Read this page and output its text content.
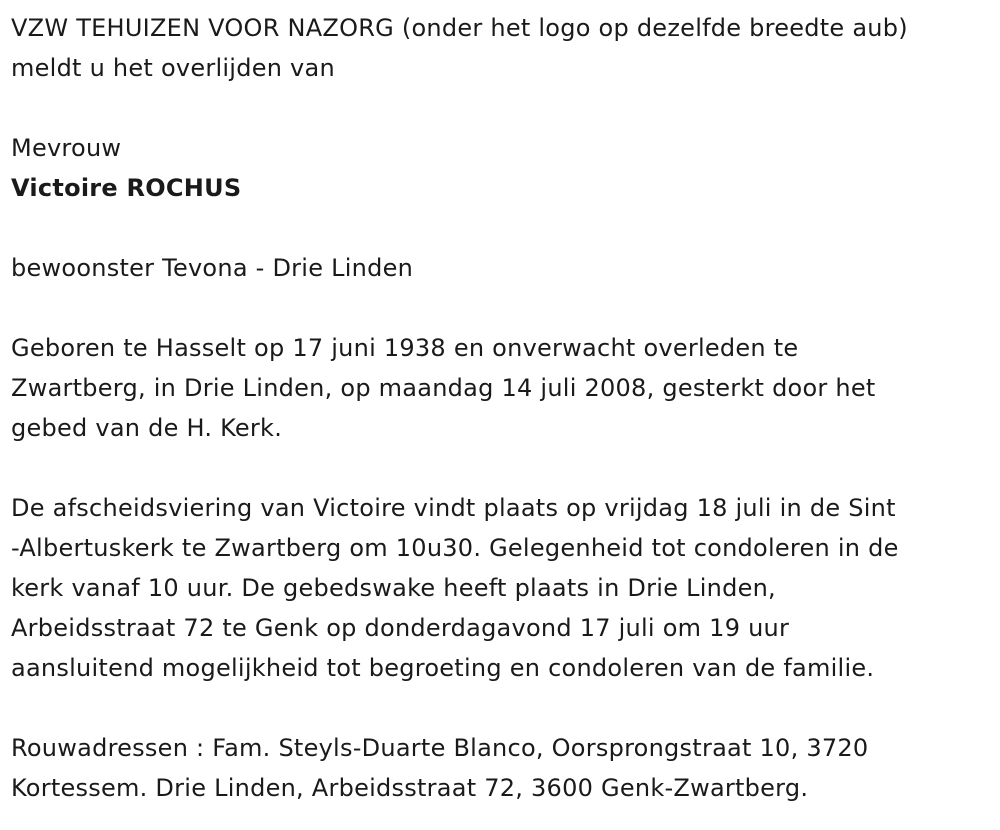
VZW TEHUIZEN VOOR NAZORG (onder het logo op dezelfde breedte aub)
meldt u het overlijden van
Mevrouw
Victoire ROCHUS
bewoonster Tevona - Drie Linden
Geboren te Hasselt op 17 juni 1938 en onverwacht overleden te
Zwartberg, in Drie Linden, op maandag 14 juli 2008, gesterkt door het
gebed van de H. Kerk.
De afscheidsviering van Victoire vindt plaats op vrijdag 18 juli in de Sint
-Albertuskerk te Zwartberg om 10u30. Gelegenheid tot condoleren in de
kerk vanaf 10 uur. De gebedswake heeft plaats in Drie Linden,
Arbeidsstraat 72 te Genk op donderdagavond 17 juli om 19 uur
aansluitend mogelijkheid tot begroeting en condoleren van de familie.
Rouwadressen : Fam. Steyls-Duarte Blanco, Oorsprongstraat 10, 3720
Kortessem. Drie Linden, Arbeidsstraat 72, 3600 Genk-Zwartberg.
